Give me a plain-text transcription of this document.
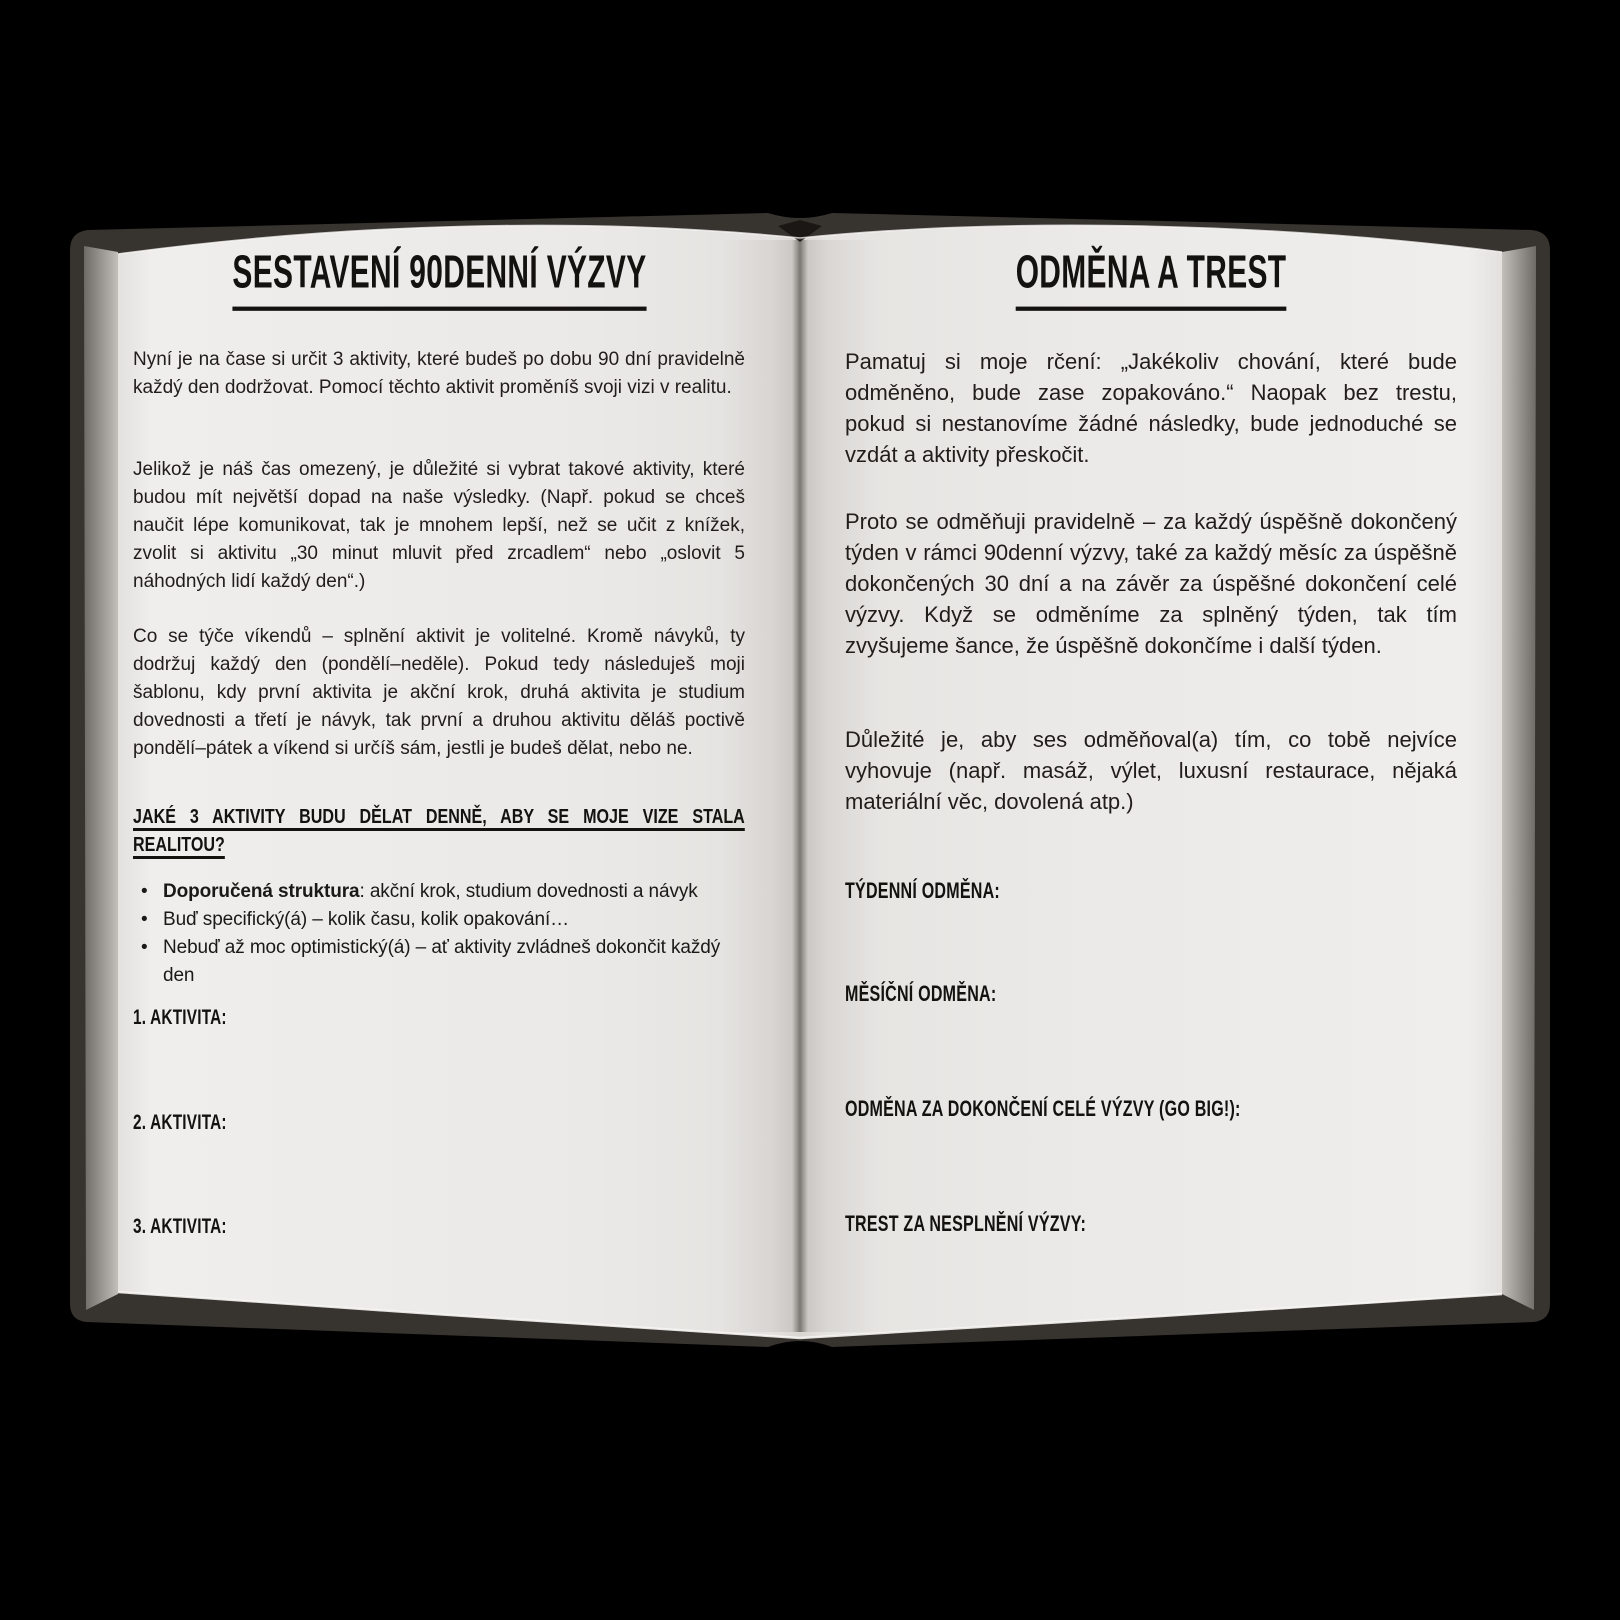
SESTAVENÍ 90DENNÍ VÝZVY

Nyní je na čase si určit 3 aktivity, které budeš po dobu 90 dní pravidelně každý den dodržovat. Pomocí těchto aktivit proměníš svoji vizi v realitu.

Jelikož je náš čas omezený, je důležité si vybrat takové aktivity, které budou mít největší dopad na naše výsledky. (Např. pokud se chceš naučit lépe komunikovat, tak je mnohem lepší, než se učit z knížek, zvolit si aktivitu „30 minut mluvit před zrcadlem“ nebo „oslovit 5 náhodných lidí každý den“.)

Co se týče víkendů – splnění aktivit je volitelné. Kromě návyků, ty dodržuj každý den (pondělí–neděle). Pokud tedy následuješ moji šablonu, kdy první aktivita je akční krok, druhá aktivita je studium dovednosti a třetí je návyk, tak první a druhou aktivitu děláš poctivě pondělí–pátek a víkend si určíš sám, jestli je budeš dělat, nebo ne.

JAKÉ 3 AKTIVITY BUDU DĚLAT DENNĚ, ABY SE MOJE VIZE STALA REALITOU?
• Doporučená struktura: akční krok, studium dovednosti a návyk
• Buď specifický(á) – kolik času, kolik opakování…
• Nebuď až moc optimistický(á) – ať aktivity zvládneš dokončit každý den
1. AKTIVITA:
2. AKTIVITA:
3. AKTIVITA:
ODMĚNA A TREST

Pamatuj si moje rčení: „Jakékoliv chování, které bude odměněno, bude zase zopakováno.“ Naopak bez trestu, pokud si nestanovíme žádné následky, bude jednoduché se vzdát a aktivity přeskočit.

Proto se odměňuji pravidelně – za každý úspěšně dokončený týden v rámci 90denní výzvy, také za každý měsíc za úspěšně dokončených 30 dní a na závěr za úspěšné dokončení celé výzvy. Když se odměníme za splněný týden, tak tím zvyšujeme šance, že úspěšně dokončíme i další týden.

Důležité je, aby ses odměňoval(a) tím, co tobě nejvíce vyhovuje (např. masáž, výlet, luxusní restaurace, nějaká materiální věc, dovolená atp.)

TÝDENNÍ ODMĚNA:
MĚSÍČNÍ ODMĚNA:
ODMĚNA ZA DOKONČENÍ CELÉ VÝZVY (GO BIG!):
TREST ZA NESPLNĚNÍ VÝZVY:
